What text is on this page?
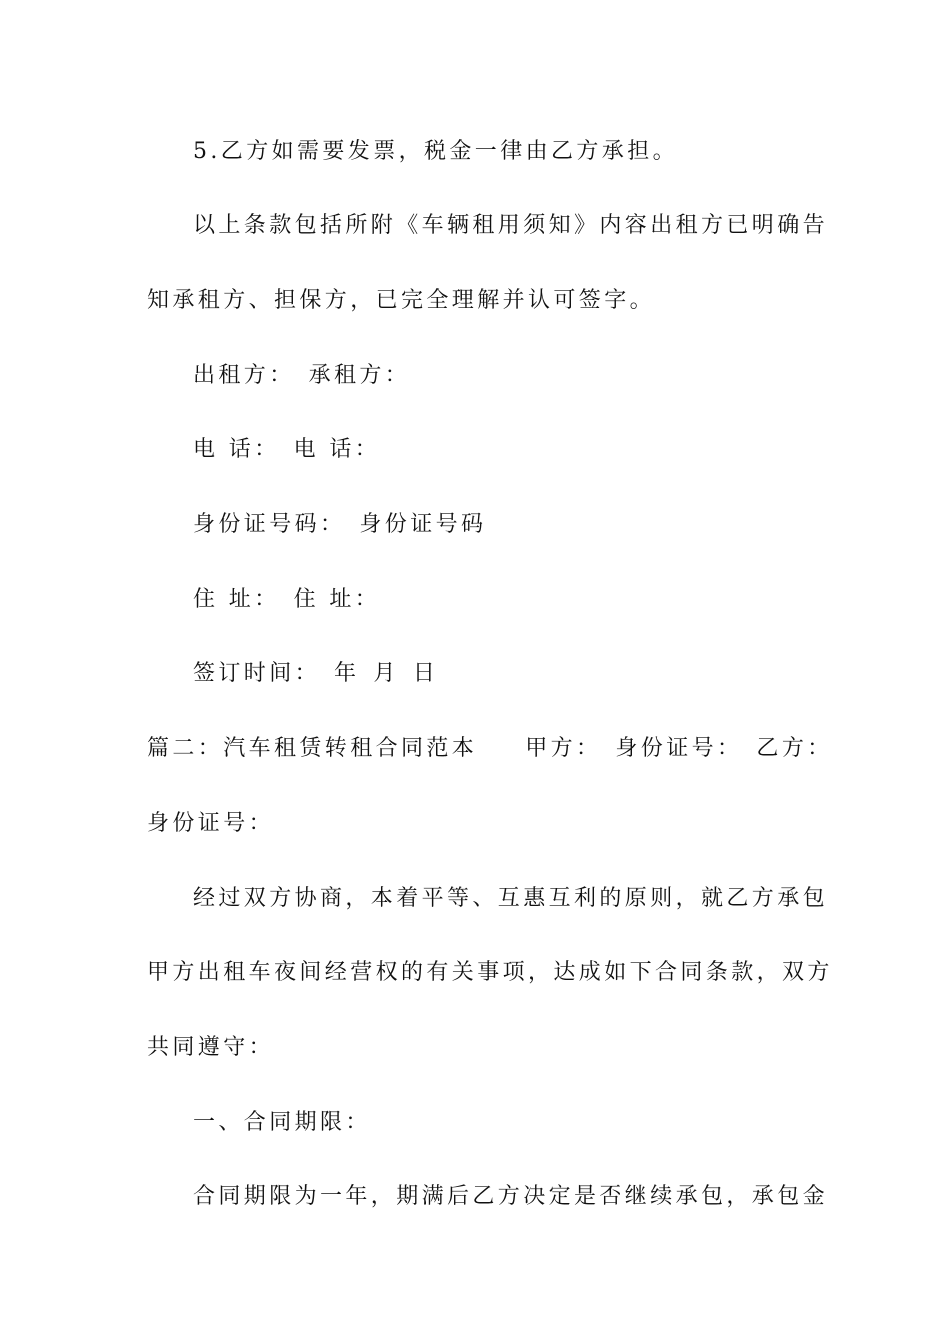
5.乙方如需要发票，税金一律由乙方承担。
以上条款包括所附《车辆租用须知》内容出租方已明确告
知承租方、担保方，已完全理解并认可签字。
出租方： 承租方：
电 话： 电 话：
身份证号码： 身份证号码
住 址： 住 址：
签订时间： 年 月 日
篇二：汽车租赁转租合同范本 甲方： 身份证号： 乙方：
身份证号：
经过双方协商，本着平等、互惠互利的原则，就乙方承包
甲方出租车夜间经营权的有关事项，达成如下合同条款，双方
共同遵守：
一、合同期限：
合同期限为一年，期满后乙方决定是否继续承包，承包金
